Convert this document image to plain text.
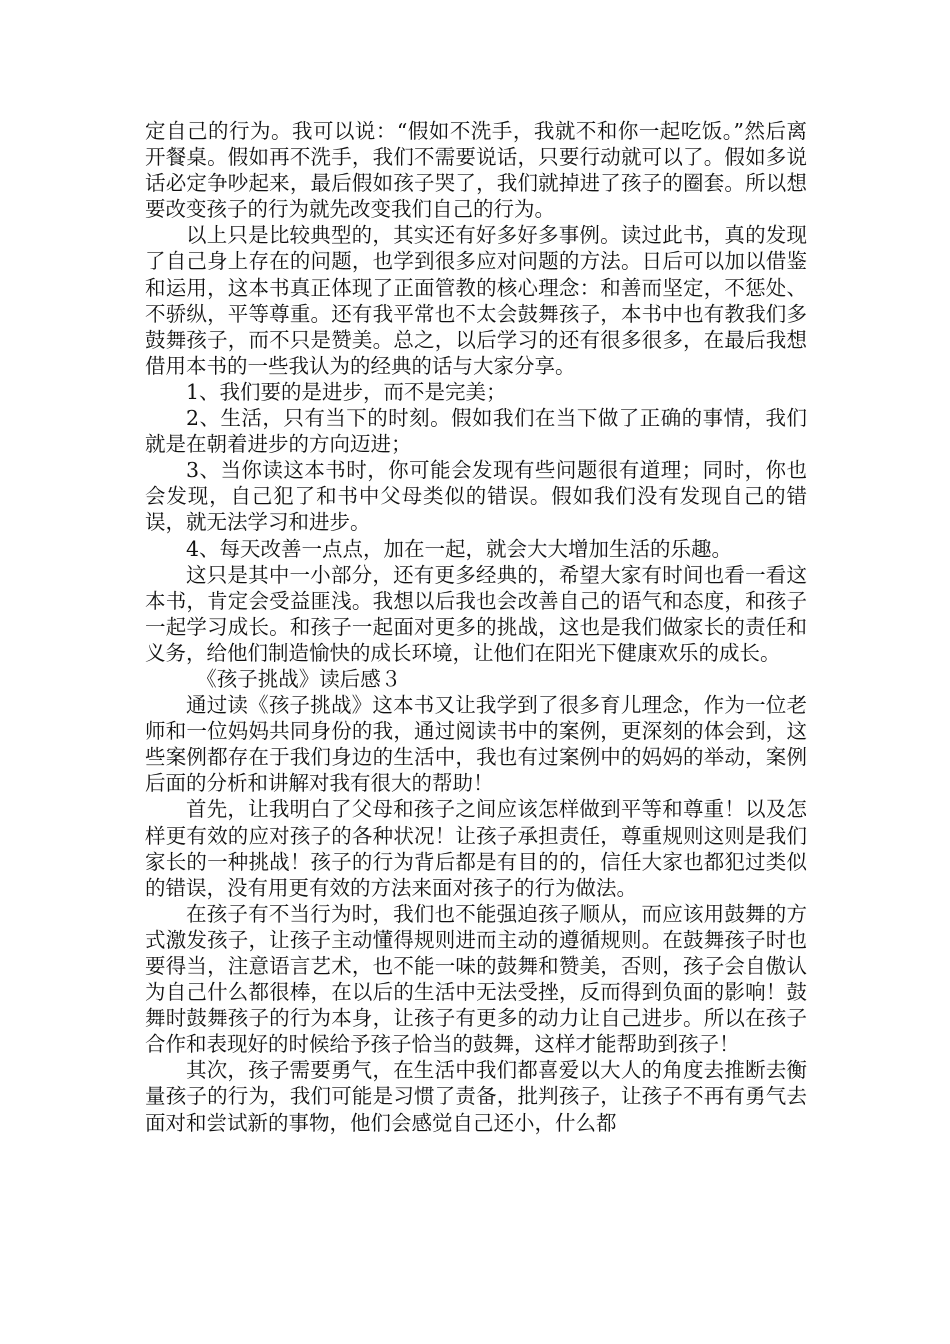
定自己的行为。我可以说：“假如不洗手，我就不和你一起吃饭。”然后离开餐桌。假如再不洗手，我们不需要说话，只要行动就可以了。假如多说话必定争吵起来，最后假如孩子哭了，我们就掉进了孩子的圈套。所以想要改变孩子的行为就先改变我们自己的行为。

以上只是比较典型的，其实还有好多好多事例。读过此书，真的发现了自己身上存在的问题，也学到很多应对问题的方法。日后可以加以借鉴和运用，这本书真正体现了正面管教的核心理念：和善而坚定，不惩处、不骄纵，平等尊重。还有我平常也不太会鼓舞孩子，本书中也有教我们多鼓舞孩子，而不只是赞美。总之，以后学习的还有很多很多，在最后我想借用本书的一些我认为的经典的话与大家分享。

1、我们要的是进步，而不是完美；

2、生活，只有当下的时刻。假如我们在当下做了正确的事情，我们就是在朝着进步的方向迈进；

3、当你读这本书时，你可能会发现有些问题很有道理；同时，你也会发现，自己犯了和书中父母类似的错误。假如我们没有发现自己的错误，就无法学习和进步。

4、每天改善一点点，加在一起，就会大大增加生活的乐趣。

这只是其中一小部分，还有更多经典的，希望大家有时间也看一看这本书，肯定会受益匪浅。我想以后我也会改善自己的语气和态度，和孩子一起学习成长。和孩子一起面对更多的挑战，这也是我们做家长的责任和义务，给他们制造愉快的成长环境，让他们在阳光下健康欢乐的成长。

《孩子挑战》读后感３

通过读《孩子挑战》这本书又让我学到了很多育儿理念，作为一位老师和一位妈妈共同身份的我，通过阅读书中的案例，更深刻的体会到，这些案例都存在于我们身边的生活中，我也有过案例中的妈妈的举动，案例后面的分析和讲解对我有很大的帮助！

首先，让我明白了父母和孩子之间应该怎样做到平等和尊重！以及怎样更有效的应对孩子的各种状况！让孩子承担责任，尊重规则这则是我们家长的一种挑战！孩子的行为背后都是有目的的，信任大家也都犯过类似的错误，没有用更有效的方法来面对孩子的行为做法。

在孩子有不当行为时，我们也不能强迫孩子顺从，而应该用鼓舞的方式激发孩子，让孩子主动懂得规则进而主动的遵循规则。在鼓舞孩子时也要得当，注意语言艺术，也不能一味的鼓舞和赞美，否则，孩子会自傲认为自己什么都很棒，在以后的生活中无法受挫，反而得到负面的影响！鼓舞时鼓舞孩子的行为本身，让孩子有更多的动力让自己进步。所以在孩子合作和表现好的时候给予孩子恰当的鼓舞，这样才能帮助到孩子！

其次，孩子需要勇气，在生活中我们都喜爱以大人的角度去推断去衡量孩子的行为，我们可能是习惯了责备，批判孩子，让孩子不再有勇气去面对和尝试新的事物，他们会感觉自己还小，什么都
